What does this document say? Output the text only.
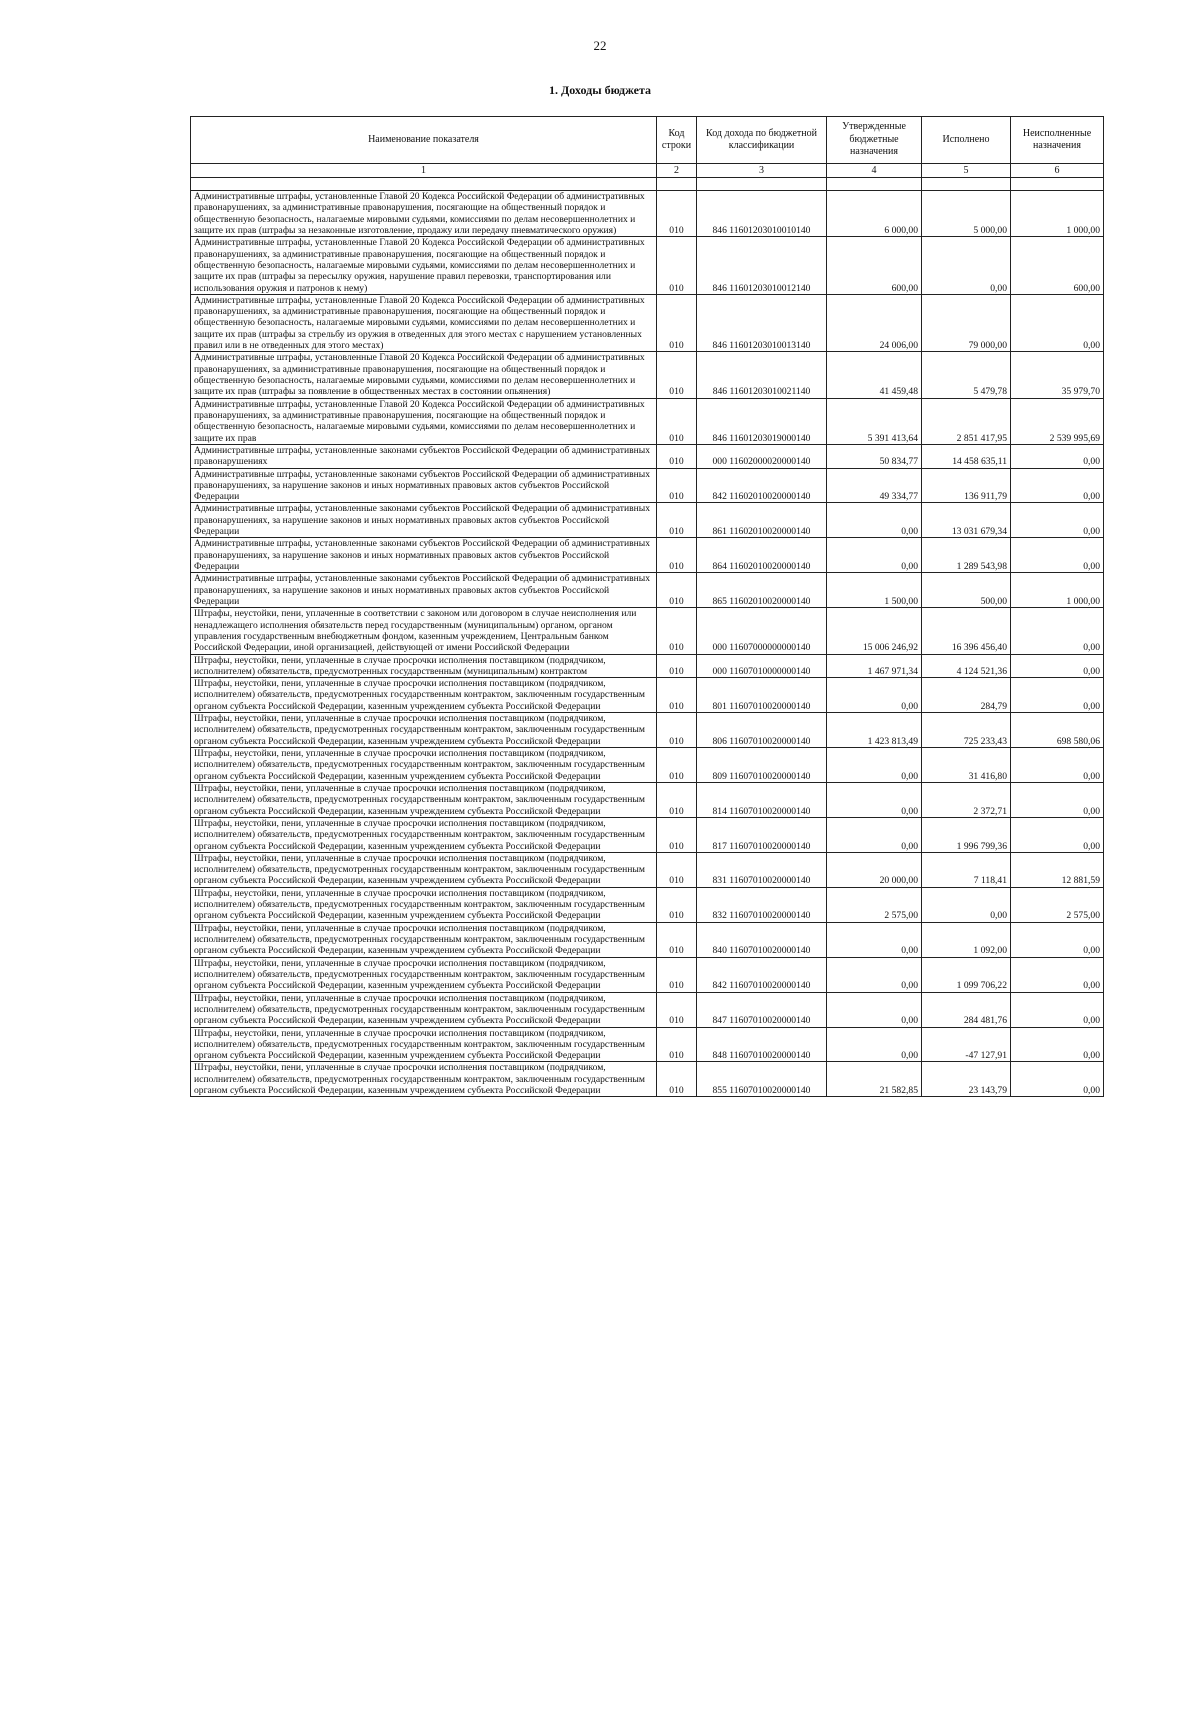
22
1. Доходы бюджета
Наименование показателя	Код строки	Код дохода по бюджетной классификации	Утвержденные бюджетные назначения	Исполнено	Неисполненные назначения
1	2	3	4	5	6

Административные штрафы, установленные Главой 20 Кодекса Российской Федерации об административных правонарушениях, за административные правонарушения, посягающие на общественный порядок и общественную безопасность, налагаемые мировыми судьями, комиссиями по делам несовершеннолетних и защите их прав (штрафы за незаконные изготовление, продажу или передачу пневматического оружия)	010	846 11601203010010140	6 000,00	5 000,00	1 000,00
Административные штрафы, установленные Главой 20 Кодекса Российской Федерации об административных правонарушениях, за административные правонарушения, посягающие на общественный порядок и общественную безопасность, налагаемые мировыми судьями, комиссиями по делам несовершеннолетних и защите их прав (штрафы за пересылку оружия, нарушение правил перевозки, транспортирования или использования оружия и патронов к нему)	010	846 11601203010012140	600,00	0,00	600,00
Административные штрафы, установленные Главой 20 Кодекса Российской Федерации об административных правонарушениях, за административные правонарушения, посягающие на общественный порядок и общественную безопасность, налагаемые мировыми судьями, комиссиями по делам несовершеннолетних и защите их прав (штрафы за стрельбу из оружия в отведенных для этого местах с нарушением установленных правил или в не отведенных для этого местах)	010	846 11601203010013140	24 006,00	79 000,00	0,00
Административные штрафы, установленные Главой 20 Кодекса Российской Федерации об административных правонарушениях, за административные правонарушения, посягающие на общественный порядок и общественную безопасность, налагаемые мировыми судьями, комиссиями по делам несовершеннолетних и защите их прав (штрафы за появление в общественных местах в состоянии опьянения)	010	846 11601203010021140	41 459,48	5 479,78	35 979,70
Административные штрафы, установленные Главой 20 Кодекса Российской Федерации об административных правонарушениях, за административные правонарушения, посягающие на общественный порядок и общественную безопасность, налагаемые мировыми судьями, комиссиями по делам несовершеннолетних и защите их прав	010	846 11601203019000140	5 391 413,64	2 851 417,95	2 539 995,69
Административные штрафы, установленные законами субъектов Российской Федерации об административных правонарушениях	010	000 11602000020000140	50 834,77	14 458 635,11	0,00
Административные штрафы, установленные законами субъектов Российской Федерации об административных правонарушениях, за нарушение законов и иных нормативных правовых актов субъектов Российской Федерации	010	842 11602010020000140	49 334,77	136 911,79	0,00
Административные штрафы, установленные законами субъектов Российской Федерации об административных правонарушениях, за нарушение законов и иных нормативных правовых актов субъектов Российской Федерации	010	861 11602010020000140	0,00	13 031 679,34	0,00
Административные штрафы, установленные законами субъектов Российской Федерации об административных правонарушениях, за нарушение законов и иных нормативных правовых актов субъектов Российской Федерации	010	864 11602010020000140	0,00	1 289 543,98	0,00
Административные штрафы, установленные законами субъектов Российской Федерации об административных правонарушениях, за нарушение законов и иных нормативных правовых актов субъектов Российской Федерации	010	865 11602010020000140	1 500,00	500,00	1 000,00
Штрафы, неустойки, пени, уплаченные в соответствии с законом или договором в случае неисполнения или ненадлежащего исполнения обязательств перед государственным (муниципальным) органом, органом управления государственным внебюджетным фондом, казенным учреждением, Центральным банком Российской Федерации, иной организацией, действующей от имени Российской Федерации	010	000 11607000000000140	15 006 246,92	16 396 456,40	0,00
Штрафы, неустойки, пени, уплаченные в случае просрочки исполнения поставщиком (подрядчиком, исполнителем) обязательств, предусмотренных государственным (муниципальным) контрактом	010	000 11607010000000140	1 467 971,34	4 124 521,36	0,00
Штрафы, неустойки, пени, уплаченные в случае просрочки исполнения поставщиком (подрядчиком, исполнителем) обязательств, предусмотренных государственным контрактом, заключенным государственным органом субъекта Российской Федерации, казенным учреждением субъекта Российской Федерации	010	801 11607010020000140	0,00	284,79	0,00
Штрафы, неустойки, пени, уплаченные в случае просрочки исполнения поставщиком (подрядчиком, исполнителем) обязательств, предусмотренных государственным контрактом, заключенным государственным органом субъекта Российской Федерации, казенным учреждением субъекта Российской Федерации	010	806 11607010020000140	1 423 813,49	725 233,43	698 580,06
Штрафы, неустойки, пени, уплаченные в случае просрочки исполнения поставщиком (подрядчиком, исполнителем) обязательств, предусмотренных государственным контрактом, заключенным государственным органом субъекта Российской Федерации, казенным учреждением субъекта Российской Федерации	010	809 11607010020000140	0,00	31 416,80	0,00
Штрафы, неустойки, пени, уплаченные в случае просрочки исполнения поставщиком (подрядчиком, исполнителем) обязательств, предусмотренных государственным контрактом, заключенным государственным органом субъекта Российской Федерации, казенным учреждением субъекта Российской Федерации	010	814 11607010020000140	0,00	2 372,71	0,00
Штрафы, неустойки, пени, уплаченные в случае просрочки исполнения поставщиком (подрядчиком, исполнителем) обязательств, предусмотренных государственным контрактом, заключенным государственным органом субъекта Российской Федерации, казенным учреждением субъекта Российской Федерации	010	817 11607010020000140	0,00	1 996 799,36	0,00
Штрафы, неустойки, пени, уплаченные в случае просрочки исполнения поставщиком (подрядчиком, исполнителем) обязательств, предусмотренных государственным контрактом, заключенным государственным органом субъекта Российской Федерации, казенным учреждением субъекта Российской Федерации	010	831 11607010020000140	20 000,00	7 118,41	12 881,59
Штрафы, неустойки, пени, уплаченные в случае просрочки исполнения поставщиком (подрядчиком, исполнителем) обязательств, предусмотренных государственным контрактом, заключенным государственным органом субъекта Российской Федерации, казенным учреждением субъекта Российской Федерации	010	832 11607010020000140	2 575,00	0,00	2 575,00
Штрафы, неустойки, пени, уплаченные в случае просрочки исполнения поставщиком (подрядчиком, исполнителем) обязательств, предусмотренных государственным контрактом, заключенным государственным органом субъекта Российской Федерации, казенным учреждением субъекта Российской Федерации	010	840 11607010020000140	0,00	1 092,00	0,00
Штрафы, неустойки, пени, уплаченные в случае просрочки исполнения поставщиком (подрядчиком, исполнителем) обязательств, предусмотренных государственным контрактом, заключенным государственным органом субъекта Российской Федерации, казенным учреждением субъекта Российской Федерации	010	842 11607010020000140	0,00	1 099 706,22	0,00
Штрафы, неустойки, пени, уплаченные в случае просрочки исполнения поставщиком (подрядчиком, исполнителем) обязательств, предусмотренных государственным контрактом, заключенным государственным органом субъекта Российской Федерации, казенным учреждением субъекта Российской Федерации	010	847 11607010020000140	0,00	284 481,76	0,00
Штрафы, неустойки, пени, уплаченные в случае просрочки исполнения поставщиком (подрядчиком, исполнителем) обязательств, предусмотренных государственным контрактом, заключенным государственным органом субъекта Российской Федерации, казенным учреждением субъекта Российской Федерации	010	848 11607010020000140	0,00	-47 127,91	0,00
Штрафы, неустойки, пени, уплаченные в случае просрочки исполнения поставщиком (подрядчиком, исполнителем) обязательств, предусмотренных государственным контрактом, заключенным государственным органом субъекта Российской Федерации, казенным учреждением субъекта Российской Федерации	010	855 11607010020000140	21 582,85	23 143,79	0,00
